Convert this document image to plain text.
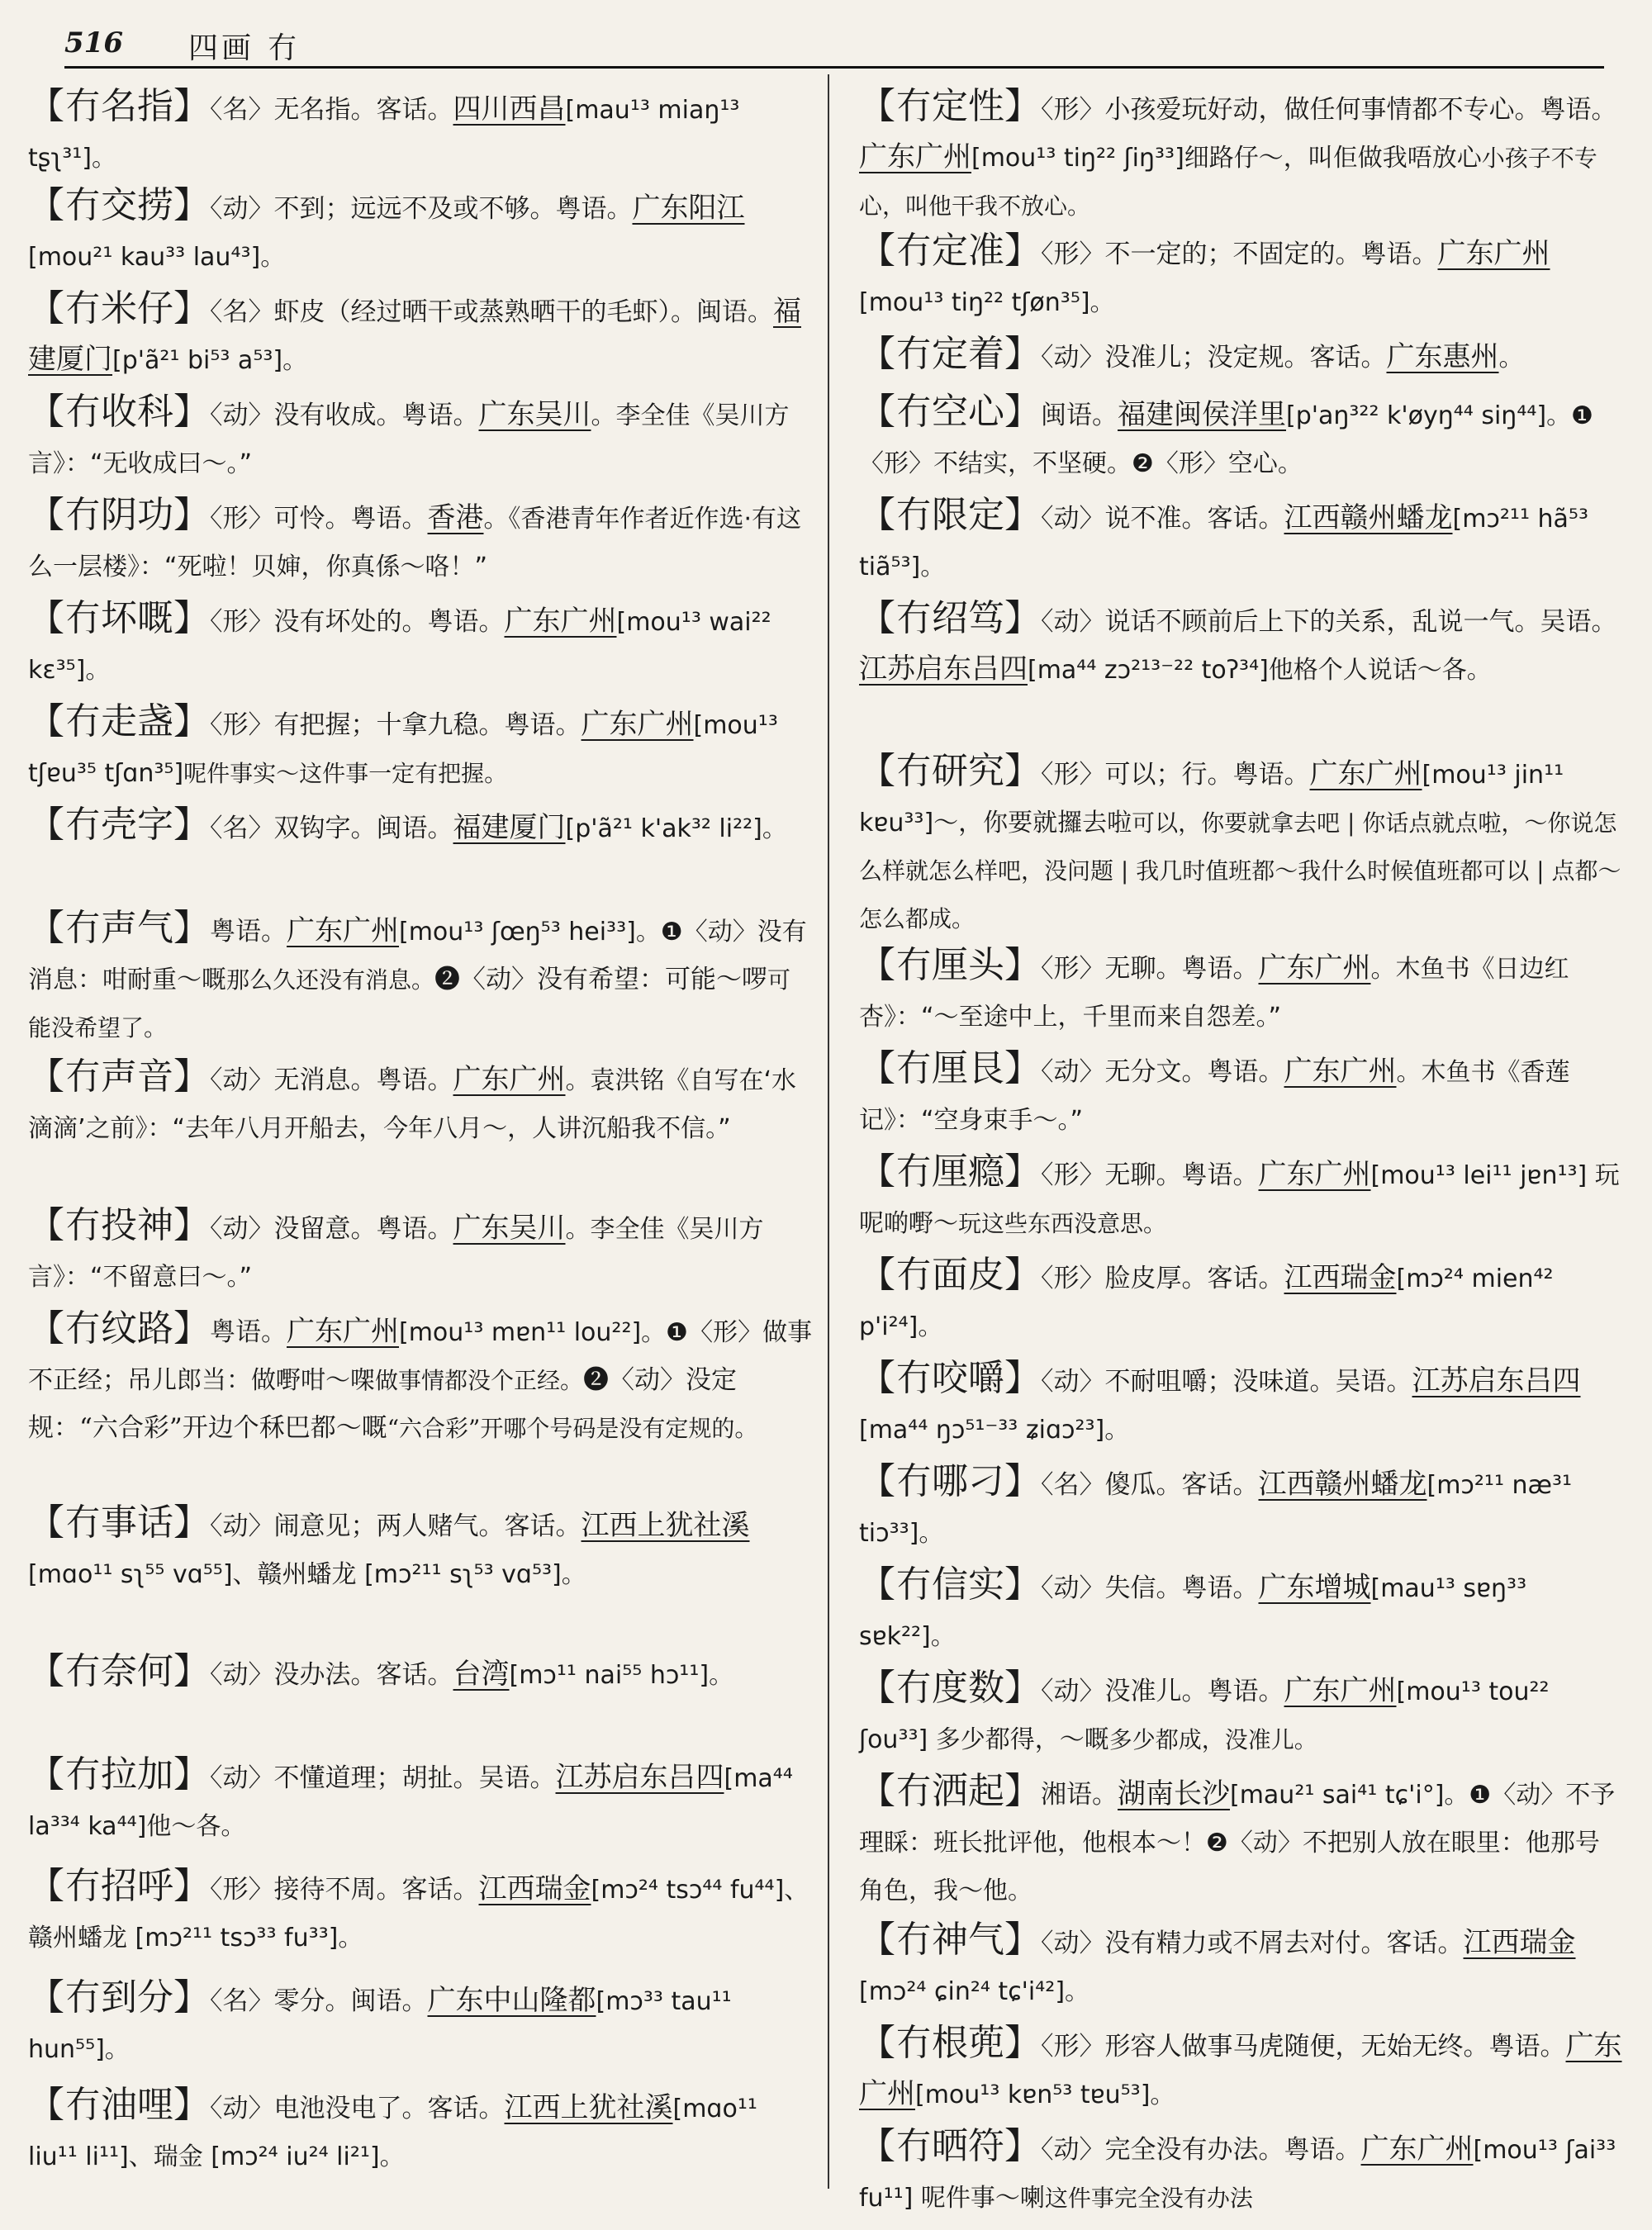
516 四画 冇
【冇名指】〈名〉无名指。客话。四川西昌[mau¹³ miaŋ¹³ tʂʅ³¹]。
【冇交捞】〈动〉不到；远远不及或不够。粤语。广东阳江[mou²¹ kau³³ lau⁴³]。
【冇米仔】〈名〉虾皮（经过晒干或蒸熟晒干的毛虾）。闽语。福建厦门[p'ã²¹ bi⁵³ a⁵³]。
【冇收科】〈动〉没有收成。粤语。广东吴川。李全佳《吴川方言》：“无收成曰～。”
【冇阴功】〈形〉可怜。粤语。香港。《香港青年作者近作选·有这么一层楼》：“死啦！贝婶，你真係～咯！”
【冇坏嘅】〈形〉没有坏处的。粤语。广东广州[mou¹³ wai²² kɛ³⁵]。
【冇走盏】〈形〉有把握；十拿九稳。粤语。广东广州[mou¹³ tʃɐu³⁵ tʃɑn³⁵]呢件事实～这件事一定有把握。
【冇壳字】〈名〉双钩字。闽语。福建厦门[p'ã²¹ k'ak³² li²²]。
【冇声气】粤语。广东广州[mou¹³ ʃœŋ⁵³ hei³³]。❶〈动〉没有消息：咁耐重～嘅那么久还没有消息。❷〈动〉没有希望：可能～啰可能没希望了。
【冇声音】〈动〉无消息。粤语。广东广州。袁洪铭《自写在‘水滴滴’之前》：“去年八月开船去，今年八月～，人讲沉船我不信。”
【冇投神】〈动〉没留意。粤语。广东吴川。李全佳《吴川方言》：“不留意曰～。”
【冇纹路】粤语。广东广州[mou¹³ mɐn¹¹ lou²²]。❶〈形〉做事不正经；吊儿郎当：做嘢咁～㗎做事情都没个正经。❷〈动〉没定规：“六合彩”开边个秝巴都～嘅“六合彩”开哪个号码是没有定规的。
【冇事话】〈动〉闹意见；两人赌气。客话。江西上犹社溪[mɑo¹¹ sʅ⁵⁵ vɑ⁵⁵]、赣州蟠龙 [mɔ²¹¹ sʅ⁵³ vɑ⁵³]。
【冇奈何】〈动〉没办法。客话。台湾[mɔ¹¹ nai⁵⁵ hɔ¹¹]。
【冇拉加】〈动〉不懂道理；胡扯。吴语。江苏启东吕四[ma⁴⁴ la³³⁴ ka⁴⁴]他～各。
【冇招呼】〈形〉接待不周。客话。江西瑞金[mɔ²⁴ tsɔ⁴⁴ fu⁴⁴]、赣州蟠龙 [mɔ²¹¹ tsɔ³³ fu³³]。
【冇到分】〈名〉零分。闽语。广东中山隆都[mɔ³³ tau¹¹ hun⁵⁵]。
【冇油哩】〈动〉电池没电了。客话。江西上犹社溪[mɑo¹¹ liu¹¹ li¹¹]、瑞金 [mɔ²⁴ iu²⁴ li²¹]。
【冇定性】〈形〉小孩爱玩好动，做任何事情都不专心。粤语。广东广州[mou¹³ tiŋ²² ʃiŋ³³]细路仔～，叫佢做我唔放心小孩子不专心，叫他干我不放心。
【冇定准】〈形〉不一定的；不固定的。粤语。广东广州[mou¹³ tiŋ²² tʃøn³⁵]。
【冇定着】〈动〉没准儿；没定规。客话。广东惠州。
【冇空心】闽语。福建闽侯洋里[p'aŋ³²² k'øyŋ⁴⁴ siŋ⁴⁴]。❶〈形〉不结实，不坚硬。❷〈形〉空心。
【冇限定】〈动〉说不准。客话。江西赣州蟠龙[mɔ²¹¹ hã⁵³ tiã⁵³]。
【冇绍笃】〈动〉说话不顾前后上下的关系，乱说一气。吴语。江苏启东吕四[ma⁴⁴ zɔ²¹³⁻²² toʔ³⁴]他格个人说话～各。
【冇研究】〈形〉可以；行。粤语。广东广州[mou¹³ jin¹¹ kɐu³³]～，你要就攞去啦可以，你要就拿去吧 | 你话点就点啦，～你说怎么样就怎么样吧，没问题 | 我几时值班都～我什么时候值班都可以 | 点都～怎么都成。
【冇厘头】〈形〉无聊。粤语。广东广州。木鱼书《日边红杏》：“～至途中上，千里而来自怨差。”
【冇厘艮】〈动〉无分文。粤语。广东广州。木鱼书《香莲记》：“空身束手～。”
【冇厘瘾】〈形〉无聊。粤语。广东广州[mou¹³ lei¹¹ jɐn¹³] 玩呢啲嘢～玩这些东西没意思。
【冇面皮】〈形〉脸皮厚。客话。江西瑞金[mɔ²⁴ mien⁴² p'i²⁴]。
【冇咬嚼】〈动〉不耐咀嚼；没味道。吴语。江苏启东吕四[ma⁴⁴ ŋɔ⁵¹⁻³³ ʑiɑɔ²³]。
【冇哪刁】〈名〉傻瓜。客话。江西赣州蟠龙[mɔ²¹¹ næ³¹ tiɔ³³]。
【冇信实】〈动〉失信。粤语。广东增城[mau¹³ sɐŋ³³ sɐk²²]。
【冇度数】〈动〉没准儿。粤语。广东广州[mou¹³ tou²² ʃou³³] 多少都得，～嘅多少都成，没准儿。
【冇洒起】湘语。湖南长沙[mau²¹ sai⁴¹ tɕ'i°]。❶〈动〉不予理睬：班长批评他，他根本～！❷〈动〉不把别人放在眼里：他那号角色，我～他。
【冇神气】〈动〉没有精力或不屑去对付。客话。江西瑞金[mɔ²⁴ ɕin²⁴ tɕ'i⁴²]。
【冇根蔸】〈形〉形容人做事马虎随便，无始无终。粤语。广东广州[mou¹³ kɐn⁵³ tɐu⁵³]。
【冇晒符】〈动〉完全没有办法。粤语。广东广州[mou¹³ ʃai³³ fu¹¹] 呢件事～喇这件事完全没有办法
